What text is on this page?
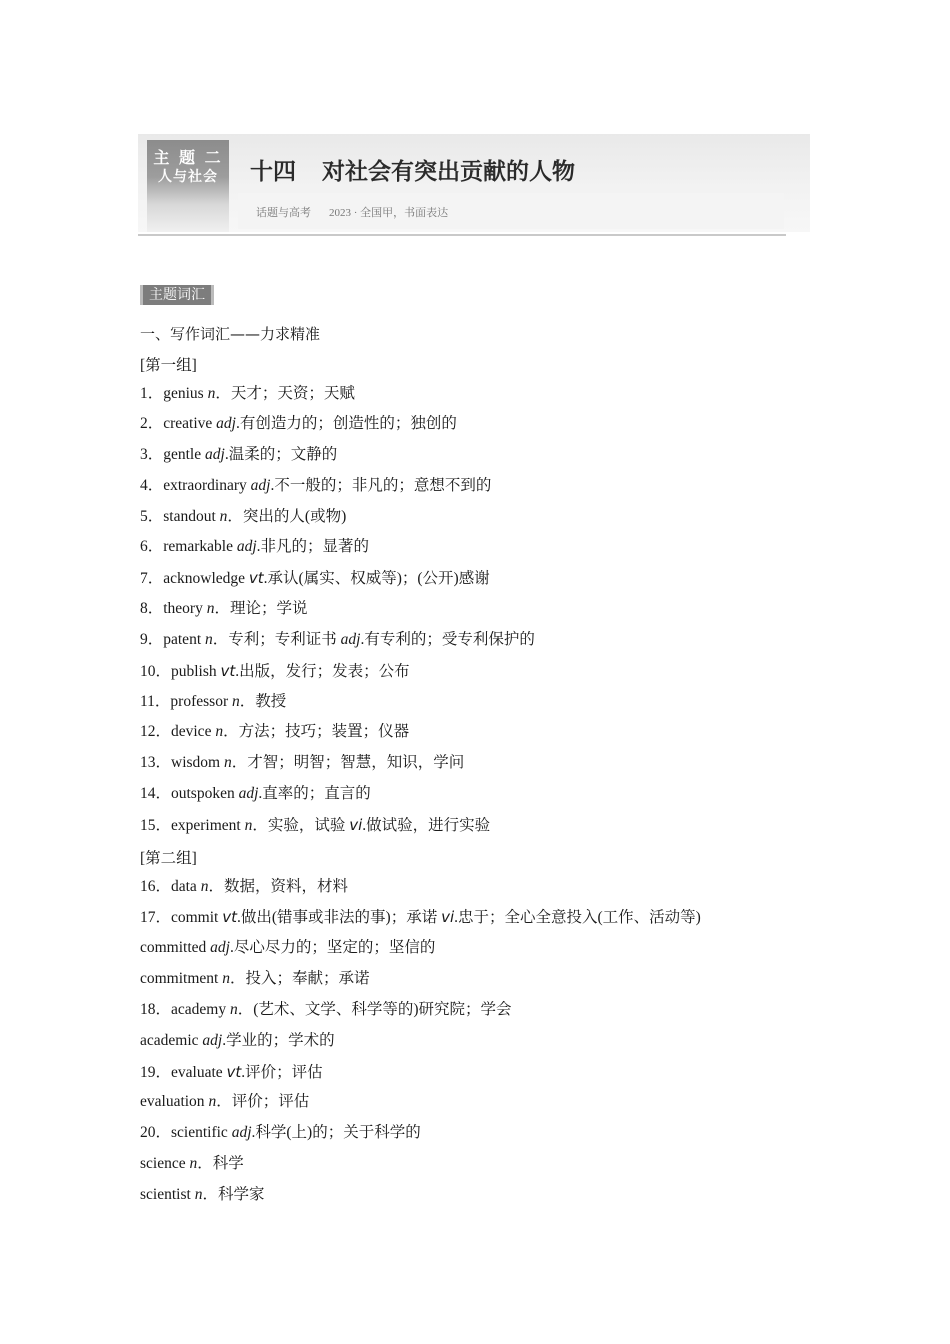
主 题 二
人与社会	十四 对社会有突出贡献的人物
话题与高考 2023 · 全国甲，书面表达
主题词汇
一、写作词汇——力求精准
[第一组]
[第二组]
1．genius n．天才；天资；天赋
2．creative adj.有创造力的；创造性的；独创的
3．gentle adj.温柔的；文静的
4．extraordinary adj.不一般的；非凡的；意想不到的
5．standout n．突出的人(或物)
6．remarkable adj.非凡的；显著的
7．acknowledge vt.承认(属实、权威等)；(公开)感谢
8．theory n．理论；学说
9．patent n．专利；专利证书 adj.有专利的；受专利保护的
10．publish vt.出版，发行；发表；公布
11．professor n．教授
12．device n．方法；技巧；装置；仪器
13．wisdom n．才智；明智；智慧，知识，学问
14．outspoken adj.直率的；直言的
15．experiment n．实验，试验 vi.做试验，进行实验
16．data n．数据，资料，材料
17．commit vt.做出(错事或非法的事)；承诺 vi.忠于；全心全意投入(工作、活动等)
committed adj.尽心尽力的；坚定的；坚信的
commitment n．投入；奉献；承诺
18．academy n．(艺术、文学、科学等的)研究院；学会
academic adj.学业的；学术的
19．evaluate vt.评价；评估
evaluation n．评价；评估
20．scientific adj.科学(上)的；关于科学的
science n．科学
scientist n．科学家
